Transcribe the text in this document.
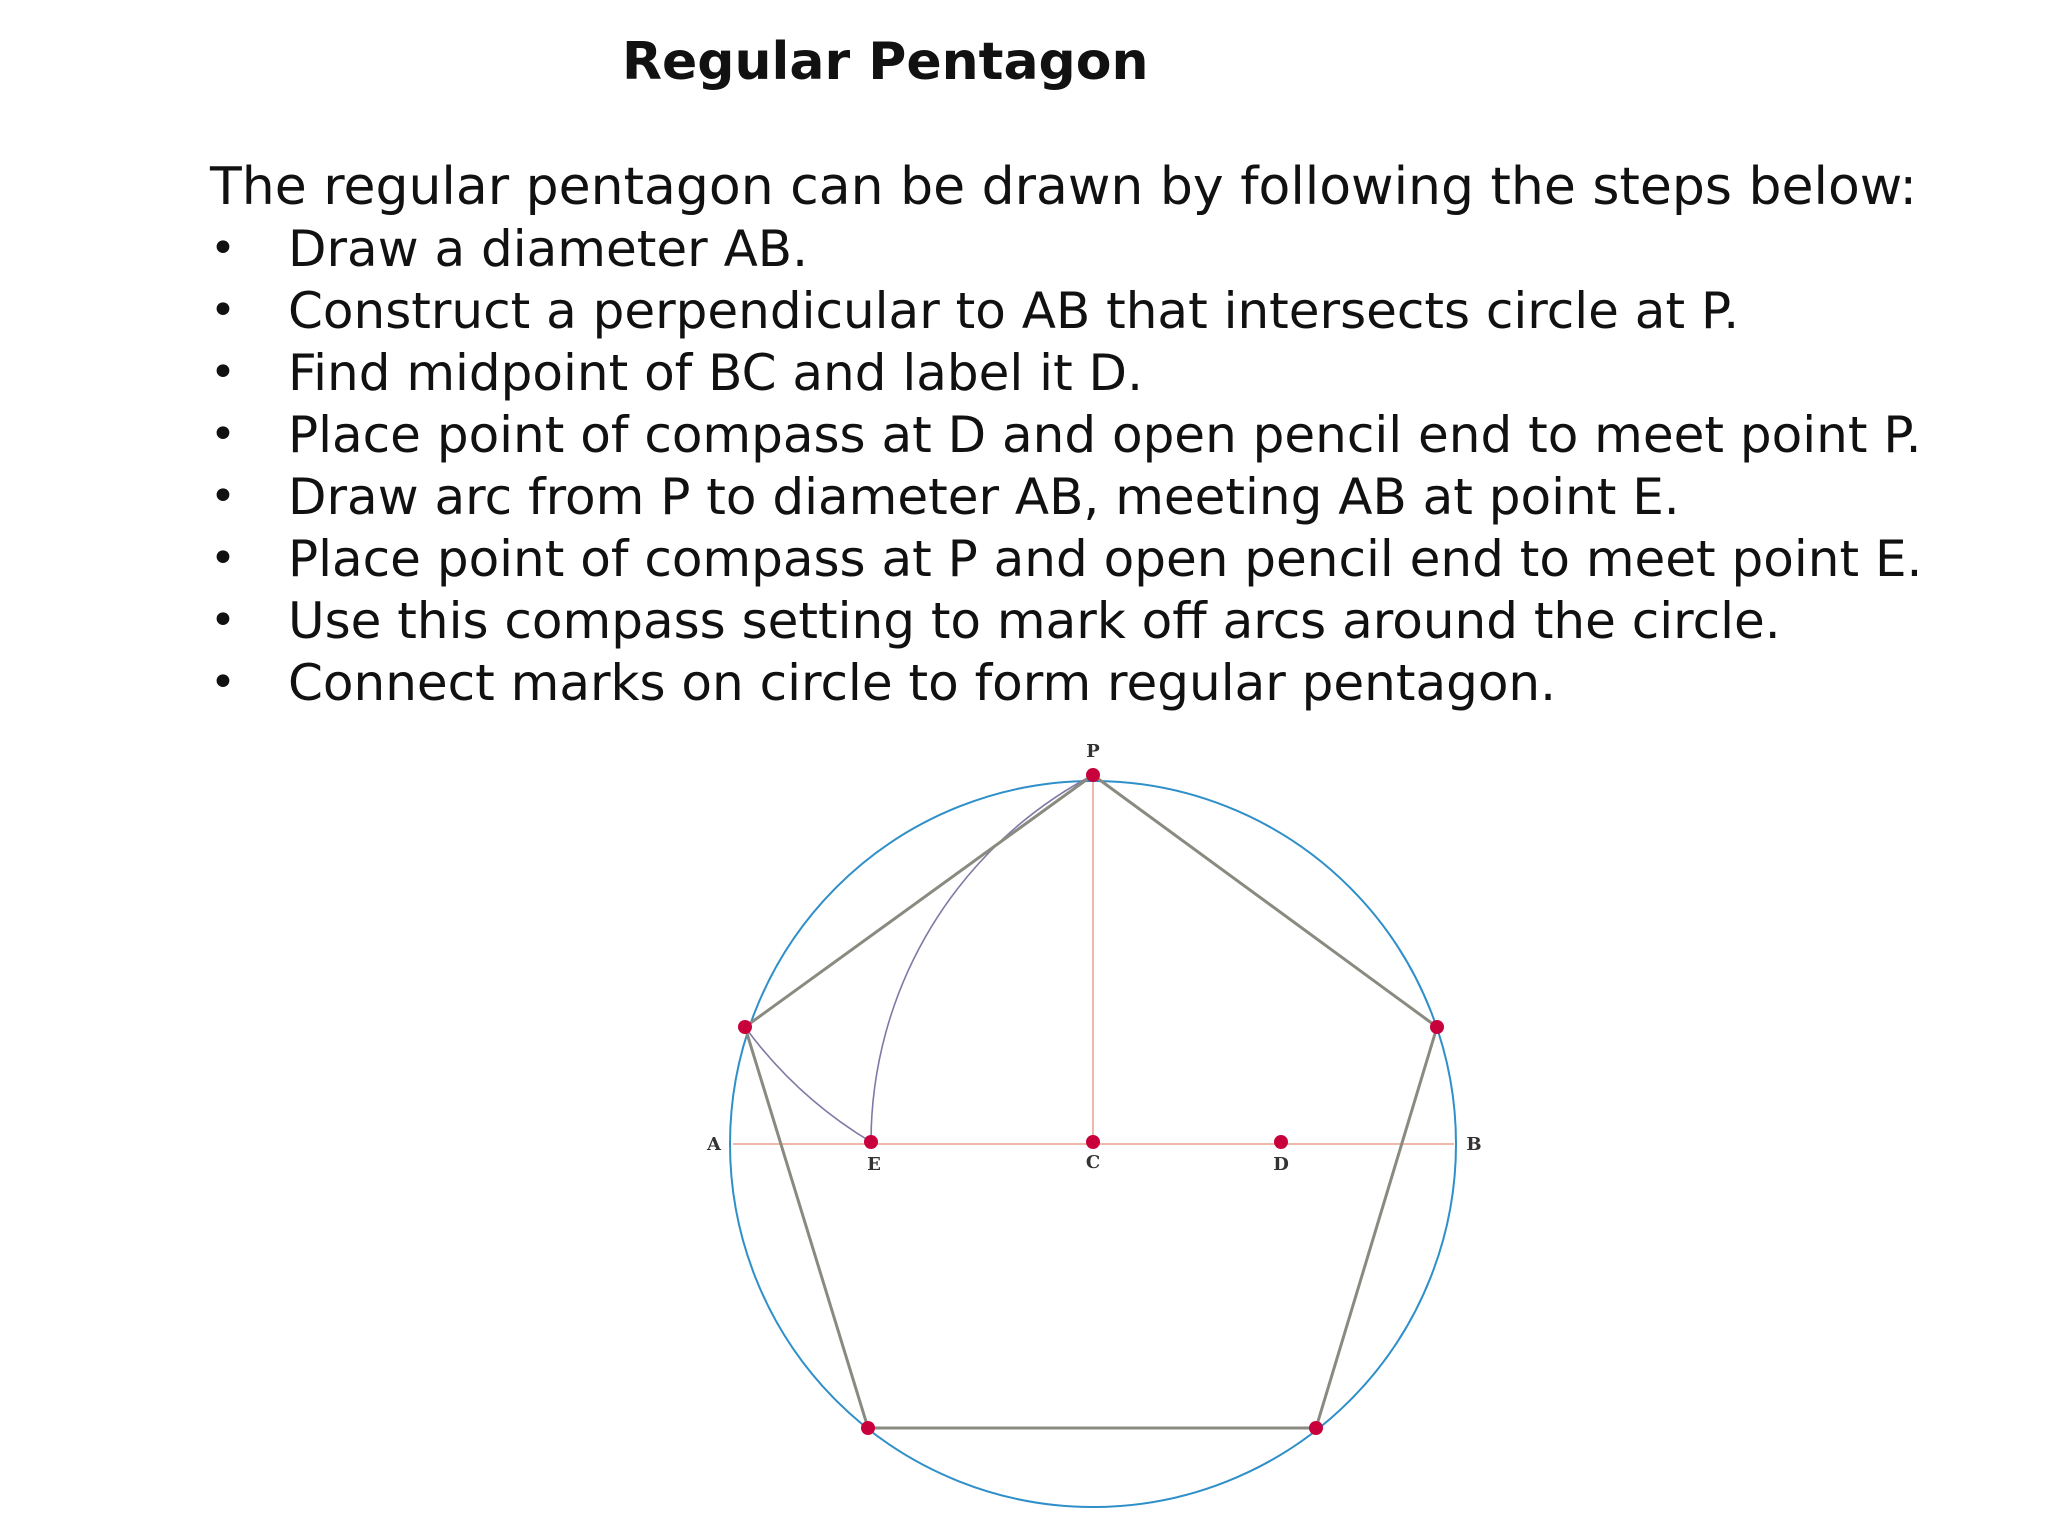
Regular Pentagon
The regular pentagon can be drawn by following the steps below:
• Draw a diameter AB.
• Construct a perpendicular to AB that intersects circle at P.
• Find midpoint of BC and label it D.
• Place point of compass at D and open pencil end to meet point P.
• Draw arc from P to diameter AB, meeting AB at point E.
• Place point of compass at P and open pencil end to meet point E.
• Use this compass setting to mark off arcs around the circle.
• Connect marks on circle to form regular pentagon.
P
A	B
E	C	D
